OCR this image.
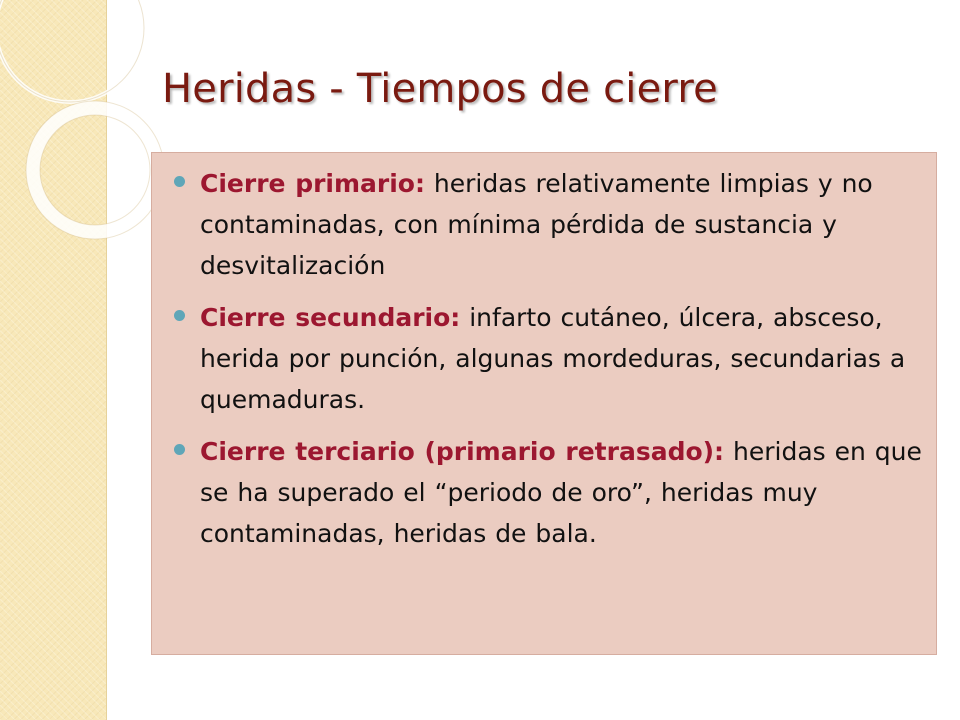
Heridas - Tiempos de cierre
Cierre primario: heridas relativamente limpias y no contaminadas, con mínima pérdida de sustancia y desvitalización
Cierre secundario: infarto cutáneo, úlcera, absceso, herida por punción, algunas mordeduras, secundarias a quemaduras.
Cierre terciario (primario retrasado): heridas en que se ha superado el “periodo de oro”, heridas muy contaminadas, heridas de bala.
